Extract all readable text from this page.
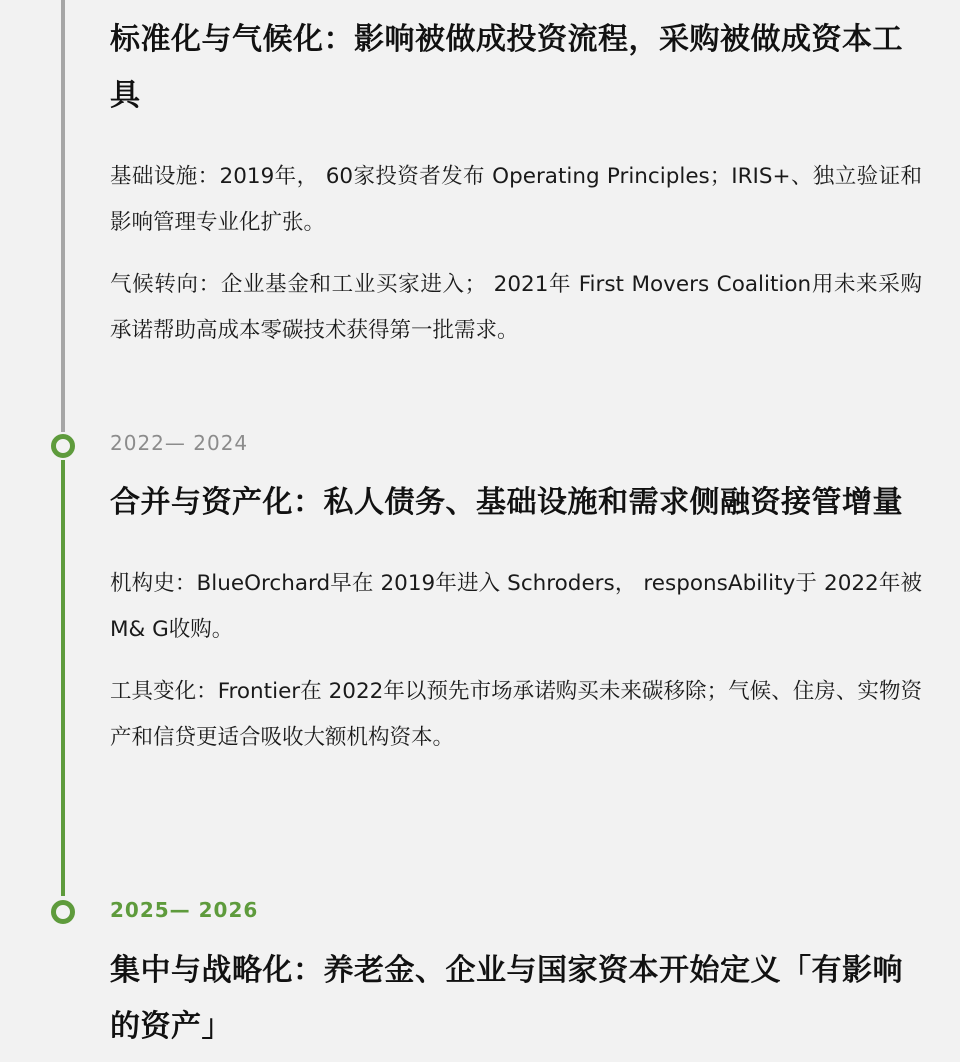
标准化与气候化：影响被做成投资流程，采购被做成资本工具

基础设施：2019年， 60家投资者发布 Operating Principles；IRIS+、独立验证和影响管理专业化扩张。

气候转向：企业基金和工业买家进入； 2021年 First Movers Coalition用未来采购承诺帮助高成本零碳技术获得第一批需求。

2022— 2024
合并与资产化：私人债务、基础设施和需求侧融资接管增量

机构史：BlueOrchard早在 2019年进入 Schroders， responsAbility于 2022年被 M& G收购。

工具变化：Frontier在 2022年以预先市场承诺购买未来碳移除；气候、住房、实物资产和信贷更适合吸收大额机构资本。

2025— 2026
集中与战略化：养老金、企业与国家资本开始定义「有影响的资产」
